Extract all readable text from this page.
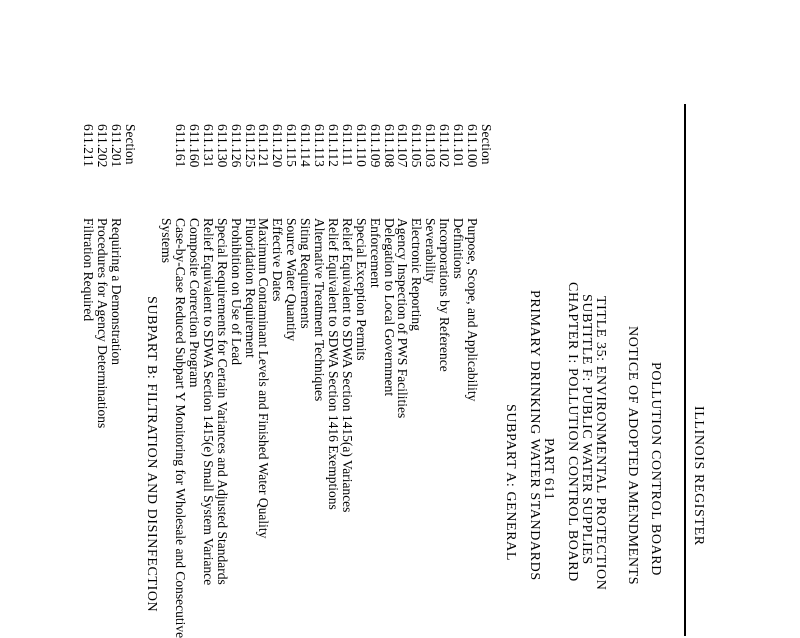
ILLINOIS REGISTER
POLLUTION CONTROL BOARD
NOTICE OF ADOPTED AMENDMENTS
TITLE 35: ENVIRONMENTAL PROTECTION
SUBTITLE F: PUBLIC WATER SUPPLIES
CHAPTER I: POLLUTION CONTROL BOARD
PART 611
PRIMARY DRINKING WATER STANDARDS
SUBPART A: GENERAL
Section
611.100
Purpose, Scope, and Applicability
611.101
Definitions
611.102
Incorporations by Reference
611.103
Severability
611.105
Electronic Reporting
611.107
Agency Inspection of PWS Facilities
611.108
Delegation to Local Government
611.109
Enforcement
611.110
Special Exception Permits
611.111
Relief Equivalent to SDWA Section 1415(a) Variances
611.112
Relief Equivalent to SDWA Section 1416 Exemptions
611.113
Alternative Treatment Techniques
611.114
Siting Requirements
611.115
Source Water Quantity
611.120
Effective Dates
611.121
Maximum Contaminant Levels and Finished Water Quality
611.125
Fluoridation Requirement
611.126
Prohibition on Use of Lead
611.130
Special Requirements for Certain Variances and Adjusted Standards
611.131
Relief Equivalent to SDWA Section 1415(e) Small System Variance
611.160
Composite Correction Program
611.161
Case-by-Case Reduced Subpart Y Monitoring for Wholesale and Consecutive
Systems
SUBPART B: FILTRATION AND DISINFECTION
Section
611.201
Requiring a Demonstration
611.202
Procedures for Agency Determinations
611.211
Filtration Required
